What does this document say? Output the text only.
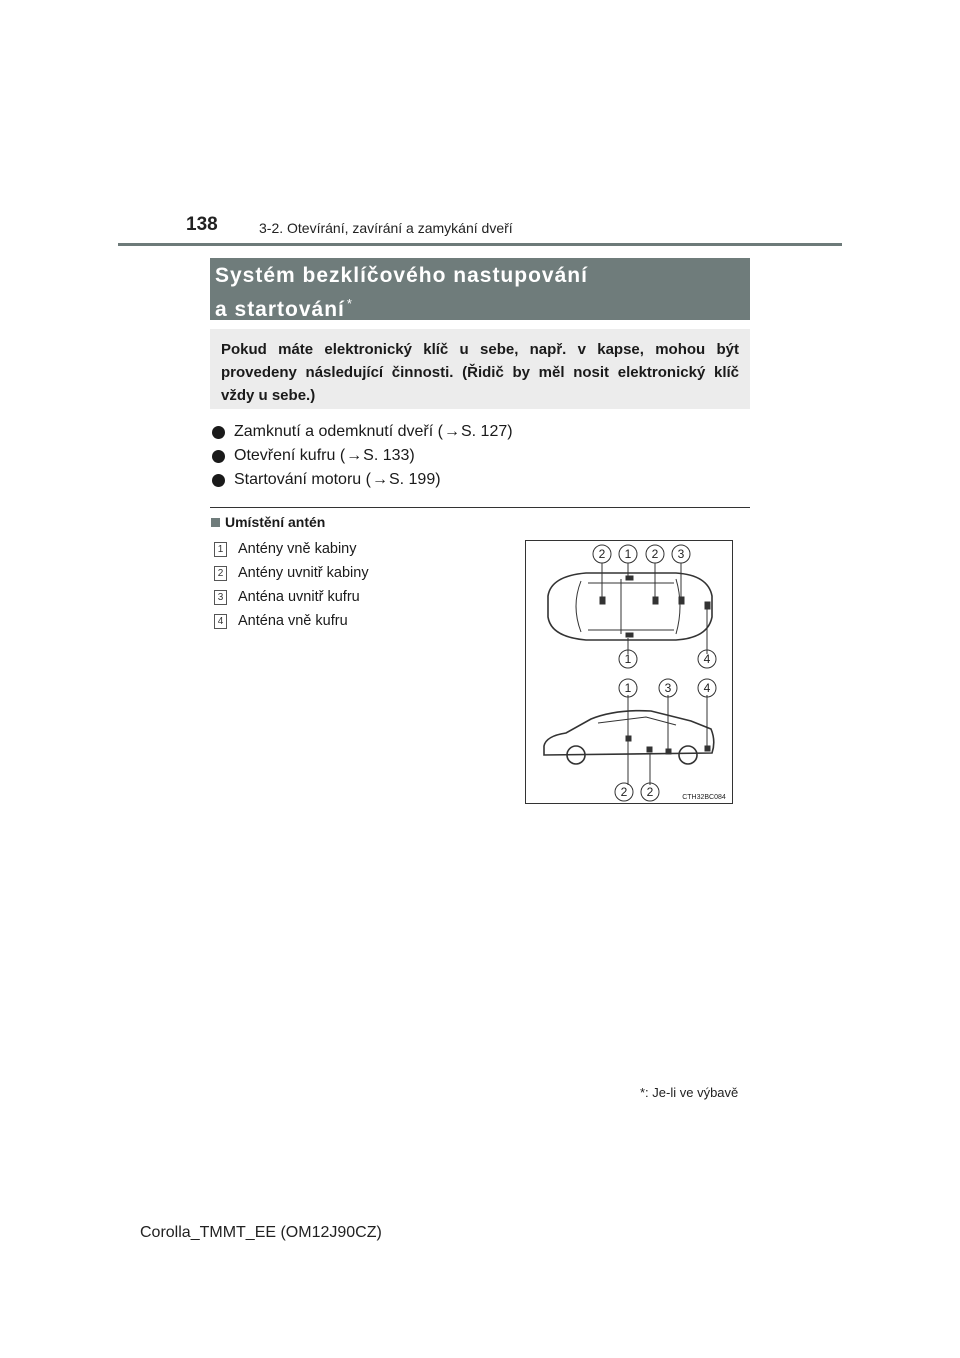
138	3-2. Otevírání, zavírání a zamykání dveří
Systém bezklíčového nastupování
a startování *
Pokud máte elektronický klíč u sebe, např. v kapse, mohou být provedeny následující činnosti. (Řidič by měl nosit elektronický klíč vždy u sebe.)
Zamknutí a odemknutí dveří ( → S. 127)
Otevření kufru ( → S. 133)
Startování motoru ( → S. 199)
Umístění antén
1 Antény vně kabiny
2 Antény uvnitř kabiny
3 Anténa uvnitř kufru
4 Anténa vně kufru
2 1 2 3
1	4
1	3	4
2 2	CTH32BC084
*: Je-li ve výbavě
Corolla_TMMT_EE (OM12J90CZ)
